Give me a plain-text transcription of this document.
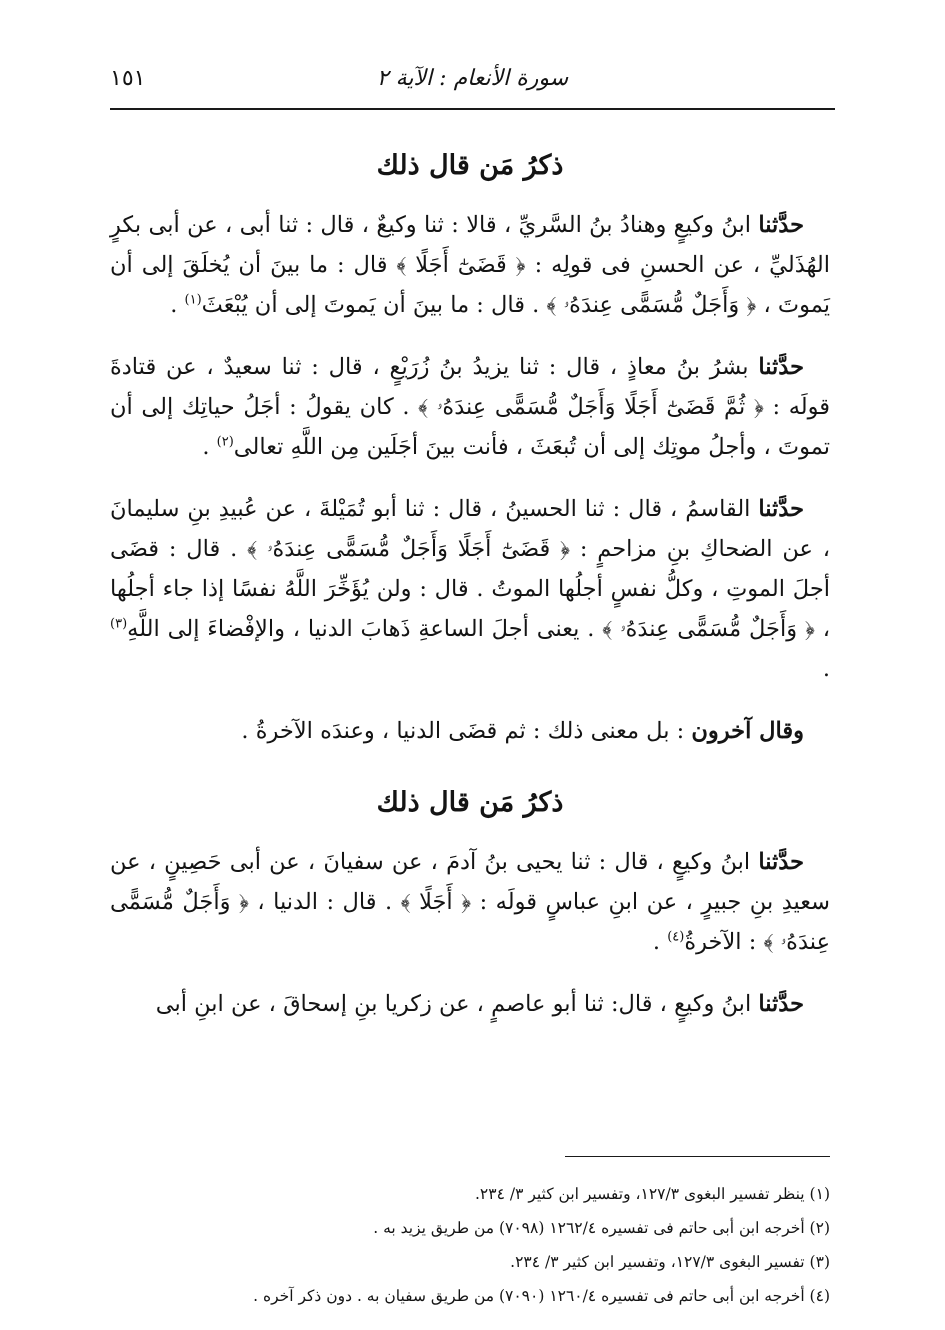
سورة الأنعام : الآية ٢
١٥١
ذكرُ مَن قال ذلك

حدَّثنا ابنُ وكيعٍ وهنادُ بنُ السَّريِّ ، قالا : ثنا وكيعٌ ، قال : ثنا أبى ، عن أبى بكرٍ الهُذَليِّ ، عن الحسنِ فى قولِه : ﴿ قَضَىٰٓ أَجَلًا ﴾ قال : ما بينَ أن يُخلَقَ إلى أن يَموتَ ، ﴿ وَأَجَلٌ مُّسَمًّى عِندَهُۥ ﴾ . قال : ما بينَ أن يَموتَ إلى أن يُبْعَثَ$^{(١)}$ .

حدَّثنا بشرُ بنُ معاذٍ ، قال : ثنا يزيدُ بنُ زُرَيْعٍ ، قال : ثنا سعيدٌ ، عن قتادةَ قولَه : ﴿ ثُمَّ قَضَىٰٓ أَجَلًا وَأَجَلٌ مُّسَمًّى عِندَهُۥ ﴾ . كان يقولُ : أجَلُ حياتِك إلى أن تموتَ ، وأجلُ موتِك إلى أن تُبعَثَ ، فأنت بينَ أجَلَين مِن اللَّهِ تعالى$^{(٢)}$ .

حدَّثنا القاسمُ ، قال : ثنا الحسينُ ، قال : ثنا أبو تُمَيْلةَ ، عن عُبيدِ بنِ سليمانَ ، عن الضحاكِ بنِ مزاحمٍ : ﴿ قَضَىٰٓ أَجَلًا وَأَجَلٌ مُّسَمًّى عِندَهُۥ ﴾ . قال : قضَى أجلَ الموتِ ، وكلُّ نفسٍ أجلُها الموتُ . قال : ولن يُؤَخِّرَ اللَّهُ نفسًا إذا جاء أجلُها ، ﴿ وَأَجَلٌ مُّسَمًّى عِندَهُۥ ﴾ . يعنى أجلَ الساعةِ ذَهابَ الدنيا ، والإفْضاءَ إلى اللَّهِ$^{(٣)}$ .

وقال آخرون : بل معنى ذلك : ثم قضَى الدنيا ، وعندَه الآخرةُ .

ذكرُ مَن قال ذلك

حدَّثنا ابنُ وكيعٍ ، قال : ثنا يحيى بنُ آدمَ ، عن سفيانَ ، عن أبى حَصِينٍ ، عن سعيدِ بنِ جبيرٍ ، عن ابنِ عباسٍ قولَه : ﴿ أَجَلًا ﴾ . قال : الدنيا ، ﴿ وَأَجَلٌ مُّسَمًّى عِندَهُۥ ﴾ : الآخرةُ$^{(٤)}$ .

حدَّثنا ابنُ وكيعٍ ، قال: ثنا أبو عاصمٍ ، عن زكريا بنِ إسحاقَ ، عن ابنِ أبى

(١) ينظر تفسير البغوى ١٢٧/٣، وتفسير ابن كثير ٣/ ٢٣٤.
(٢) أخرجه ابن أبى حاتم فى تفسيره ١٢٦٢/٤ (٧٠٩٨) من طريق يزيد به .
(٣) تفسير البغوى ١٢٧/٣، وتفسير ابن كثير ٣/ ٢٣٤.
(٤) أخرجه ابن أبى حاتم فى تفسيره ١٢٦٠/٤ (٧٠٩٠) من طريق سفيان به . دون ذكر آخره .
